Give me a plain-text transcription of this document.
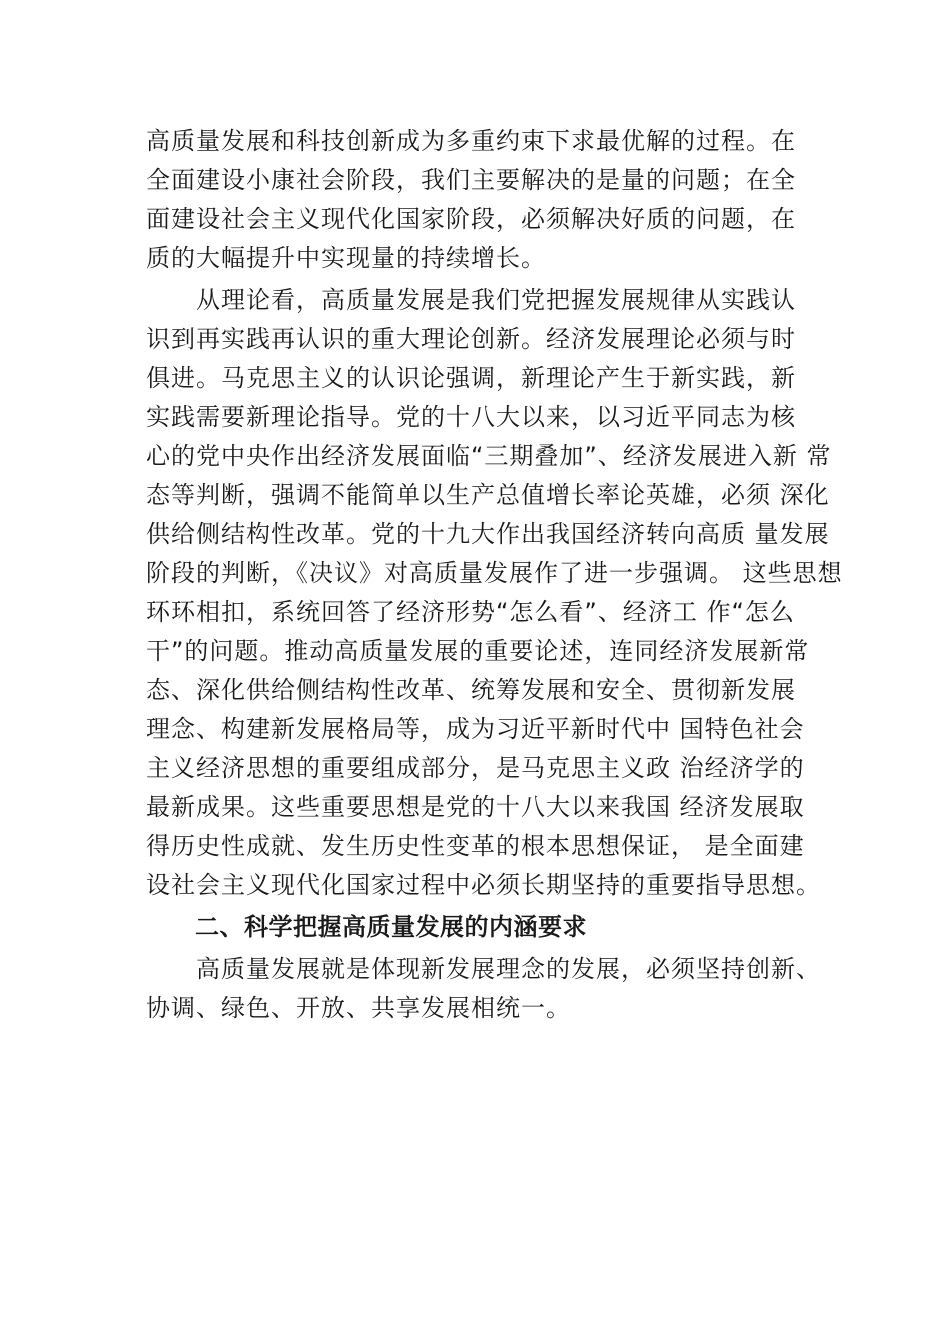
高质量发展和科技创新成为多重约束下求最优解的过程。在
全面建设小康社会阶段，我们主要解决的是量的问题；在全
面建设社会主义现代化国家阶段，必须解决好质的问题，在
质的大幅提升中实现量的持续增长。
　　从理论看，高质量发展是我们党把握发展规律从实践认
识到再实践再认识的重大理论创新。经济发展理论必须与时
俱进。马克思主义的认识论强调，新理论产生于新实践，新
实践需要新理论指导。党的十八大以来，以习近平同志为核
心的党中央作出经济发展面临“三期叠加”、经济发展进入新 常
态等判断，强调不能简单以生产总值增长率论英雄，必须 深化
供给侧结构性改革。党的十九大作出我国经济转向高质 量发展
阶段的判断，《决议》对高质量发展作了进一步强调。 这些思想
环环相扣，系统回答了经济形势“怎么看”、经济工 作“怎么
干”的问题。推动高质量发展的重要论述，连同经济发展新常
态、深化供给侧结构性改革、统筹发展和安全、贯彻新发展
理念、构建新发展格局等，成为习近平新时代中 国特色社会
主义经济思想的重要组成部分，是马克思主义政 治经济学的
最新成果。这些重要思想是党的十八大以来我国 经济发展取
得历史性成就、发生历史性变革的根本思想保证， 是全面建
设社会主义现代化国家过程中必须长期坚持的重要指导思想。
　　二、科学把握高质量发展的内涵要求
　　高质量发展就是体现新发展理念的发展，必须坚持创新、
协调、绿色、开放、共享发展相统一。
